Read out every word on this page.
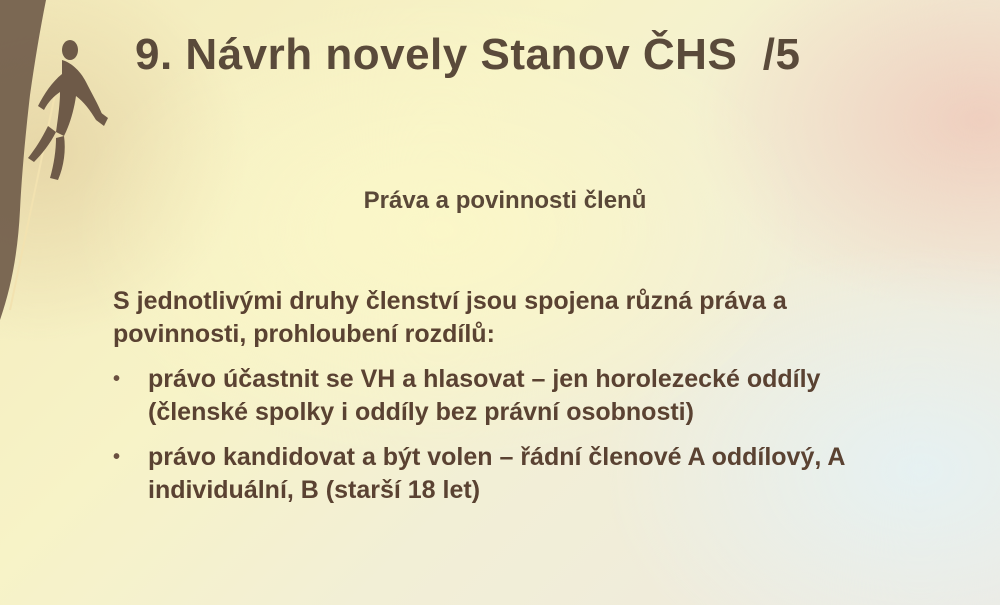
9. Návrh novely Stanov ČHS  /5
Práva a povinnosti členů

S jednotlivými druhy členství jsou spojena různá práva a povinnosti, prohloubení rozdílů:

• právo účastnit se VH a hlasovat – jen horolezecké oddíly (členské spolky i oddíly bez právní osobnosti)
• právo kandidovat a být volen – řádní členové A oddílový, A individuální, B (starší 18 let)
